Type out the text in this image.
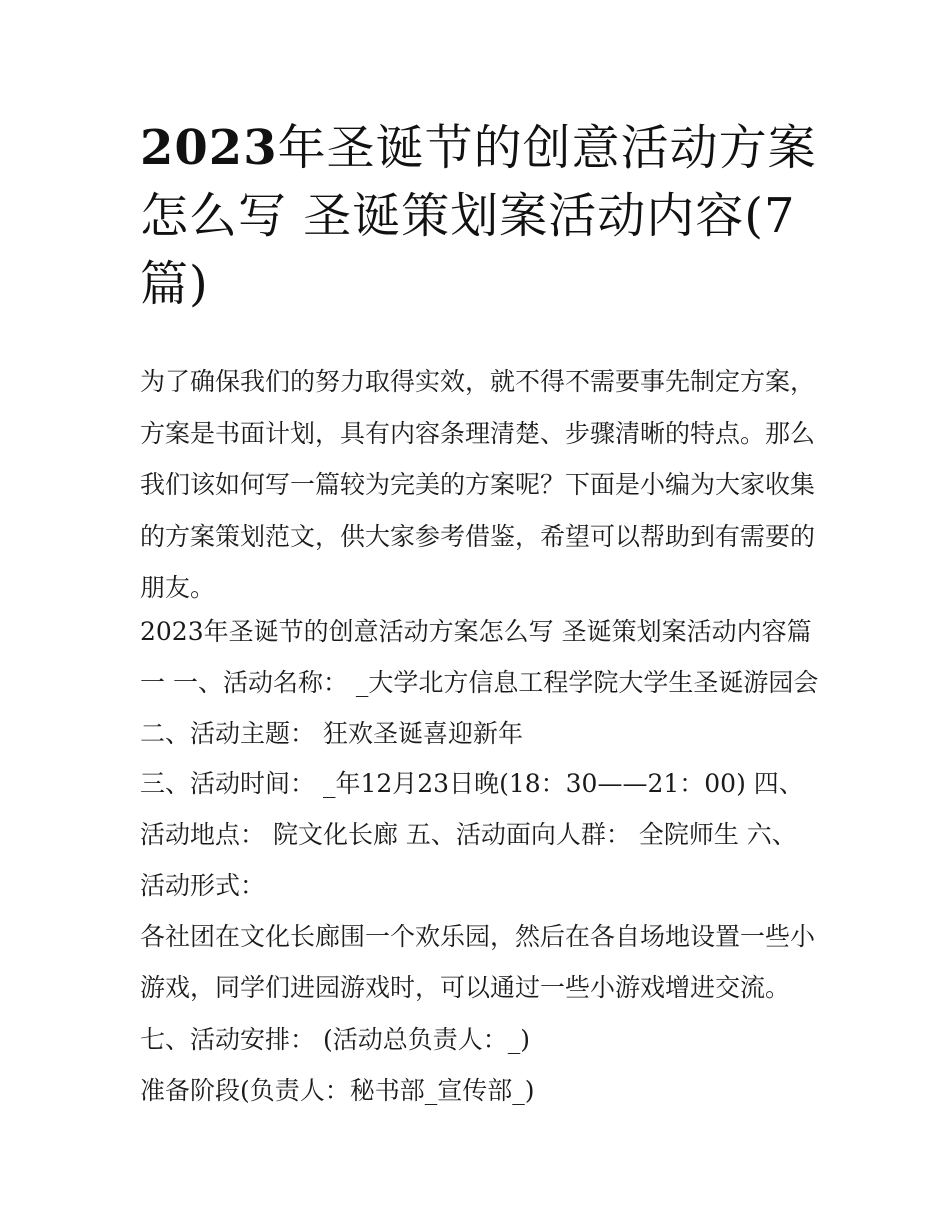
2023年圣诞节的创意活动方案怎么写 圣诞策划案活动内容(7篇)

为了确保我们的努力取得实效，就不得不需要事先制定方案，方案是书面计划，具有内容条理清楚、步骤清晰的特点。那么我们该如何写一篇较为完美的方案呢？下面是小编为大家收集的方案策划范文，供大家参考借鉴，希望可以帮助到有需要的朋友。

2023年圣诞节的创意活动方案怎么写 圣诞策划案活动内容篇一 一、活动名称： _大学北方信息工程学院大学生圣诞游园会 二、活动主题： 狂欢圣诞喜迎新年

三、活动时间： _年12月23日晚(18：30——21：00) 四、活动地点： 院文化长廊 五、活动面向人群： 全院师生 六、活动形式：

各社团在文化长廊围一个欢乐园，然后在各自场地设置一些小游戏，同学们进园游戏时，可以通过一些小游戏增进交流。

七、活动安排： (活动总负责人：_)

准备阶段(负责人：秘书部_宣传部_)
